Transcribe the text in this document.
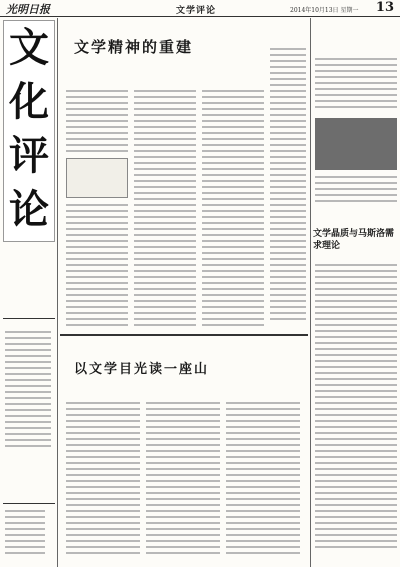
光明日报	文学评论	2014年10月13日 星期一 13
文
化
评
论
文学精神的重建
以文学目光读一座山
文学晶质与马斯洛需求理论
